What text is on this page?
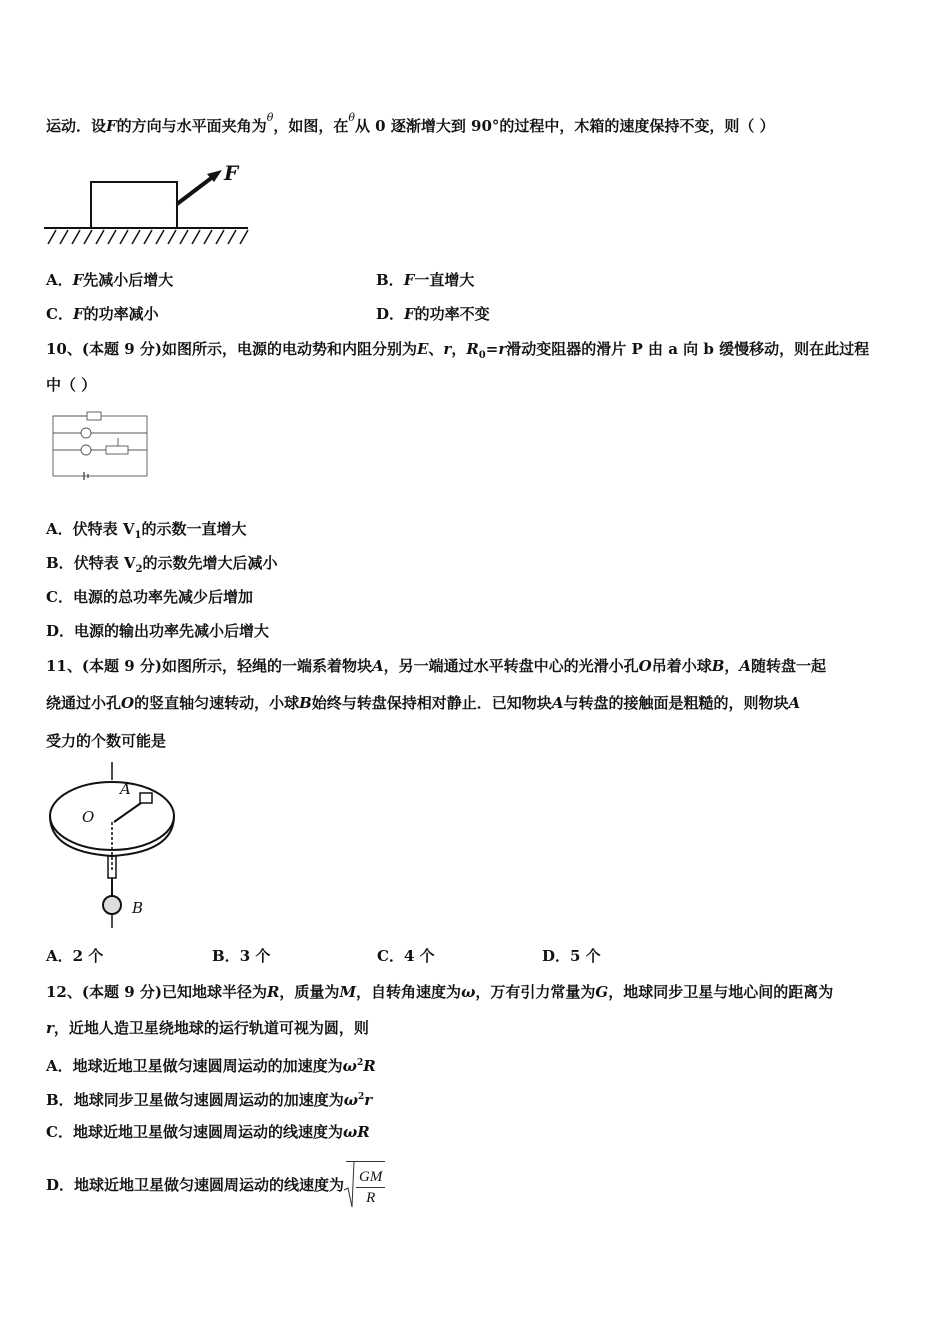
运动．设F的方向与水平面夹角为$^\theta$，如图，在$^\theta$从 0 逐渐增大到 90°的过程中，木箱的速度保持不变，则（ ）
F
A．F先减小后增大	B．F一直增大
C．F的功率减小	D．F的功率不变
10、(本题 9 分)如图所示，电源的电动势和内阻分别为E、r，$R_0=r$滑动变阻器的滑片 P 由 a 向 b 缓慢移动，则在此过程
中（ ）
A．伏特表 $V_1$的示数一直增大
B．伏特表 $V_2$的示数先增大后减小
C．电源的总功率先减少后增加
D．电源的输出功率先减小后增大
11、(本题 9 分)如图所示，轻绳的一端系着物块A，另一端通过水平转盘中心的光滑小孔O吊着小球B，A随转盘一起
绕通过小孔O的竖直轴匀速转动，小球B始终与转盘保持相对静止．已知物块A与转盘的接触面是粗糙的，则物块A
受力的个数可能是
O
A
B
A．2 个	B．3 个	C．4 个	D．5 个
12、(本题 9 分)已知地球半径为R，质量为M，自转角速度为ω，万有引力常量为G，地球同步卫星与地心间的距离为
r，近地人造卫星绕地球的运行轨道可视为圆，则
A．地球近地卫星做匀速圆周运动的加速度为$\omega^2R$
B．地球同步卫星做匀速圆周运动的加速度为$\omega^2r$
C．地球近地卫星做匀速圆周运动的线速度为ωR
D．地球近地卫星做匀速圆周运动的线速度为 $\frac{GM}{R}$
